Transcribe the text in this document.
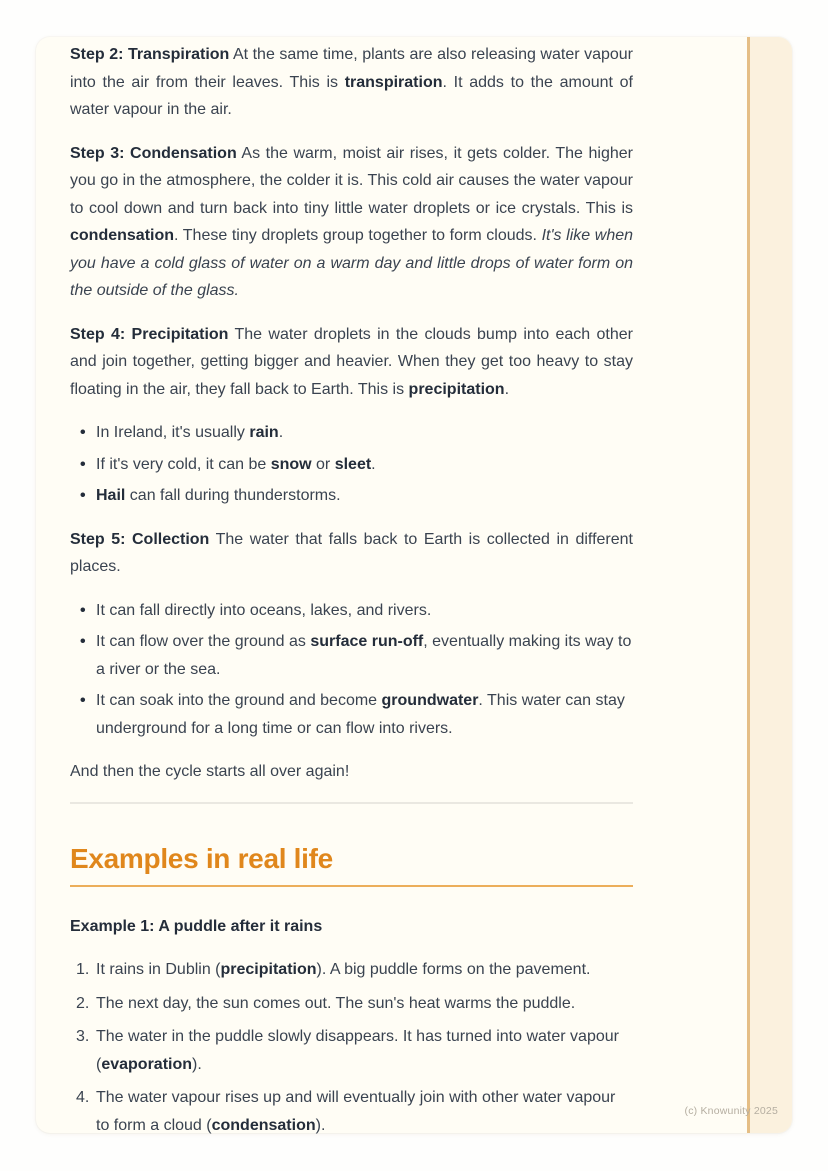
Step 2: Transpiration At the same time, plants are also releasing water vapour into the air from their leaves. This is transpiration. It adds to the amount of water vapour in the air.

Step 3: Condensation As the warm, moist air rises, it gets colder. The higher you go in the atmosphere, the colder it is. This cold air causes the water vapour to cool down and turn back into tiny little water droplets or ice crystals. This is condensation. These tiny droplets group together to form clouds. It's like when you have a cold glass of water on a warm day and little drops of water form on the outside of the glass.

Step 4: Precipitation The water droplets in the clouds bump into each other and join together, getting bigger and heavier. When they get too heavy to stay floating in the air, they fall back to Earth. This is precipitation.

• In Ireland, it's usually rain.
• If it's very cold, it can be snow or sleet.
• Hail can fall during thunderstorms.

Step 5: Collection The water that falls back to Earth is collected in different places.

• It can fall directly into oceans, lakes, and rivers.
• It can flow over the ground as surface run-off, eventually making its way to a river or the sea.
• It can soak into the ground and become groundwater. This water can stay underground for a long time or can flow into rivers.

And then the cycle starts all over again!

Examples in real life

Example 1: A puddle after it rains

It rains in Dublin (precipitation). A big puddle forms on the pavement.
The next day, the sun comes out. The sun's heat warms the puddle.
The water in the puddle slowly disappears. It has turned into water vapour (evaporation).
The water vapour rises up and will eventually join with other water vapour to form a cloud (condensation).
(c) Knowunity 2025
